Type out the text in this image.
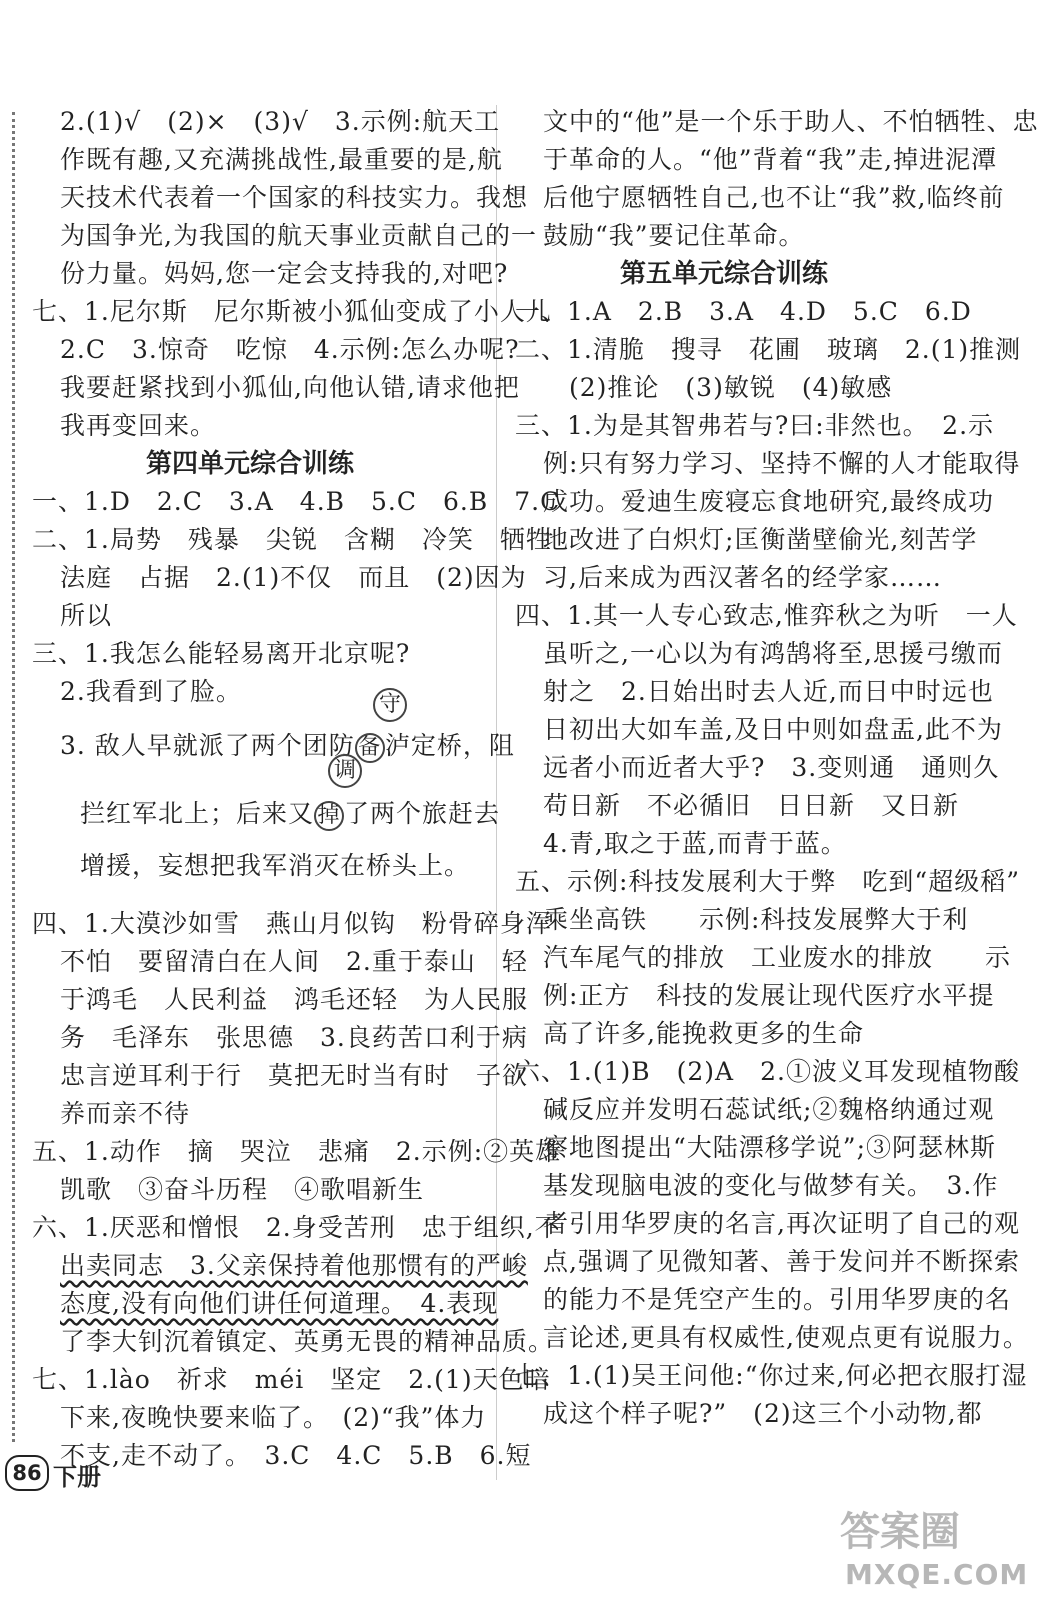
2.(1)√　(2)×　(3)√　3.示例:航天工
作既有趣,又充满挑战性,最重要的是,航
天技术代表着一个国家的科技实力。我想
为国争光,为我国的航天事业贡献自己的一
份力量。妈妈,您一定会支持我的,对吧?
七、1.尼尔斯　尼尔斯被小狐仙变成了小人儿
2.C　3.惊奇　吃惊　4.示例:怎么办呢?
我要赶紧找到小狐仙,向他认错,请求他把
我再变回来。
第四单元综合训练
一、1.D　2.C　3.A　4.B　5.C　6.B　7.C
二、1.局势　残暴　尖锐　含糊　冷笑　牺牲
法庭　占据　2.(1)不仅　而且　(2)因为
所以
三、1.我怎么能轻易离开北京呢?
2.我看到了脸。	守
3. 敌人早就派了两个团防 备 泸定桥，阻
调
拦红军北上；后来又 掉 了两个旅赶去
增援，妄想把我军消灭在桥头上。
四、1.大漠沙如雪　燕山月似钩　粉骨碎身浑
不怕　要留清白在人间　2.重于泰山　轻
于鸿毛　人民利益　鸿毛还轻　为人民服
务　毛泽东　张思德　3.良药苦口利于病
忠言逆耳利于行　莫把无时当有时　子欲
养而亲不待
五、1.动作　摘　哭泣　悲痛　2.示例:②英雄
凯歌　③奋斗历程　④歌唱新生
六、1.厌恶和憎恨　2.身受苦刑　忠于组织,不
出卖同志　3.父亲保持着他那惯有的严峻
态度,没有向他们讲任何道理。　4.表现
了李大钊沉着镇定、英勇无畏的精神品质。
七、1.lào　祈求　méi　坚定　2.(1)天色暗
下来,夜晚快要来临了。　(2)“我”体力
不支,走不动了。　3.C　4.C　5.B　6.短
文中的“他”是一个乐于助人、不怕牺牲、忠
于革命的人。“他”背着“我”走,掉进泥潭
后他宁愿牺牲自己,也不让“我”救,临终前
鼓励“我”要记住革命。
第五单元综合训练
一、1.A　2.B　3.A　4.D　5.C　6.D
二、1.清脆　搜寻　花圃　玻璃　2.(1)推测
　(2)推论　(3)敏锐　(4)敏感
三、1.为是其智弗若与?曰:非然也。　2.示
例:只有努力学习、坚持不懈的人才能取得
成功。爱迪生废寝忘食地研究,最终成功
地改进了白炽灯;匡衡凿壁偷光,刻苦学
习,后来成为西汉著名的经学家……
四、1.其一人专心致志,惟弈秋之为听　一人
虽听之,一心以为有鸿鹄将至,思援弓缴而
射之　2.日始出时去人近,而日中时远也
日初出大如车盖,及日中则如盘盂,此不为
远者小而近者大乎?　3.变则通　通则久
苟日新　不必循旧　日日新　又日新
4.青,取之于蓝,而青于蓝。
五、示例:科技发展利大于弊　吃到“超级稻”
乘坐高铁　　示例:科技发展弊大于利
汽车尾气的排放　工业废水的排放　　示
例:正方　科技的发展让现代医疗水平提
高了许多,能挽救更多的生命
六、1.(1)B　(2)A　2.①波义耳发现植物酸
碱反应并发明石蕊试纸;②魏格纳通过观
察地图提出“大陆漂移学说”;③阿瑟林斯
基发现脑电波的变化与做梦有关。　3.作
者引用华罗庚的名言,再次证明了自己的观
点,强调了见微知著、善于发问并不断探索
的能力不是凭空产生的。引用华罗庚的名
言论述,更具有权威性,使观点更有说服力。
七、1.(1)吴王问他:“你过来,何必把衣服打湿
成这个样子呢?”　(2)这三个小动物,都
86 下册
答案圈
MXQE.COM
